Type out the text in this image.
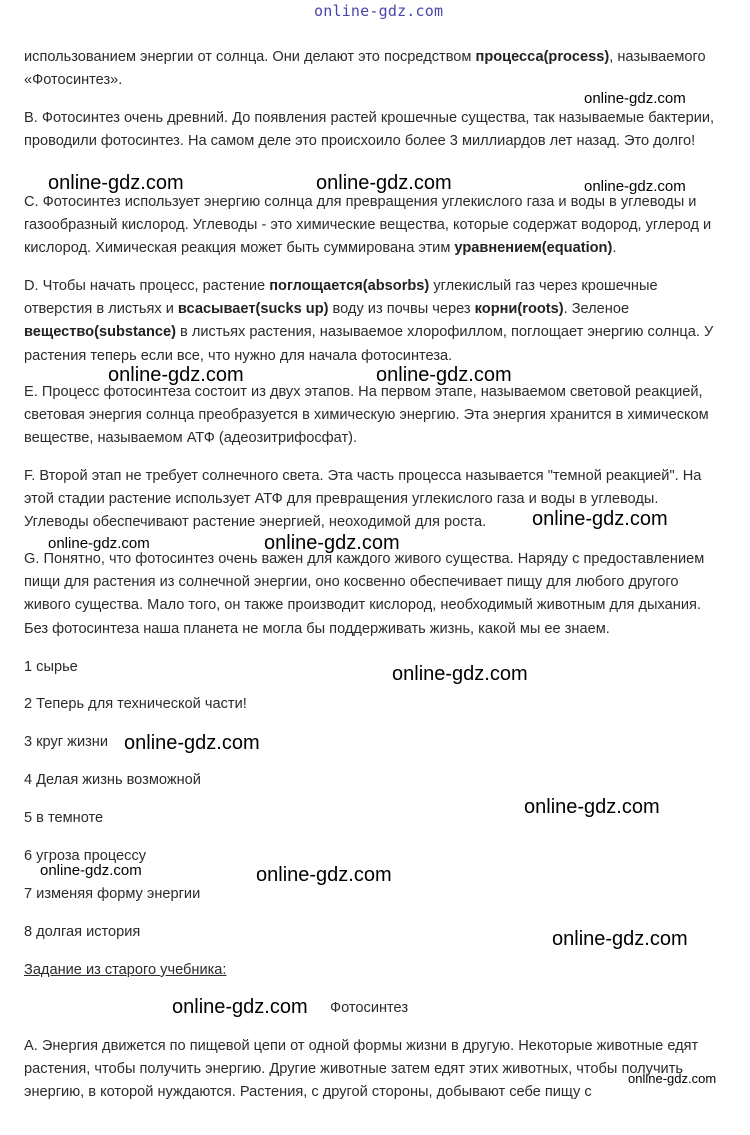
online-gdz.com

использованием энергии от солнца. Они делают это посредством процесса(process), называемого «Фотосинтез».

B. Фотосинтез очень древний. До появления растей крошечные существа, так называемые бактерии, проводили фотосинтез. На самом деле это происхоило более 3 миллиардов лет назад. Это долго!

C. Фотосинтез использует энергию солнца для превращения углекислого газа и воды в углеводы и газообразный кислород. Углеводы - это химические вещества, которые содержат водород, углерод и кислород. Химическая реакция может быть суммирована этим уравнением(equation).

D. Чтобы начать процесс, растение поглощается(absorbs) углекислый газ через крошечные отверстия в листьях и всасывает(sucks up) воду из почвы через корни(roots). Зеленое вещество(substance) в листьях растения, называемое хлорофиллом, поглощает энергию солнца. У растения теперь если все, что нужно для начала фотосинтеза.

E. Процесс фотосинтеза состоит из двух этапов. На первом этапе, называемом световой реакцией, световая энергия солнца преобразуется в химическую энергию. Эта энергия хранится в химическом веществе, называемом АТФ (адеозитрифосфат).

F. Второй этап не требует солнечного света. Эта часть процесса называется "темной реакцией". На этой стадии растение использует АТФ для превращения углекислого газа и воды в углеводы. Углеводы обеспечивают растение энергией, неоходимой для роста.

G. Понятно, что фотосинтез очень важен для каждого живого существа. Наряду с предоставлением пищи для растения из солнечной энергии, оно косвенно обеспечивает пищу для любого другого живого существа. Мало того, он также производит кислород, необходимый животным для дыхания. Без фотосинтеза наша планета не могла бы поддерживать жизнь, какой мы ее знаем.

1 сырье
2 Теперь для технической части!
3 круг жизни
4 Делая жизнь возможной
5 в темноте
6 угроза процессу
7 изменяя форму энергии
8 долгая история
Задание из старого учебника:
Фотосинтез

A. Энергия движется по пищевой цепи от одной формы жизни в другую. Некоторые животные едят растения, чтобы получить энергию. Другие животные затем едят этих животных, чтобы получить энергию, в которой нуждаются. Растения, с другой стороны, добывают себе пищу с

online-gdz.com
online-gdz.com	online-gdz.com	online-gdz.com
online-gdz.com	online-gdz.com
online-gdz.com
online-gdz.com
online-gdz.com
online-gdz.com
online-gdz.com
online-gdz.com
online-gdz.com	online-gdz.com
online-gdz.com
online-gdz.com
online-gdz.com
